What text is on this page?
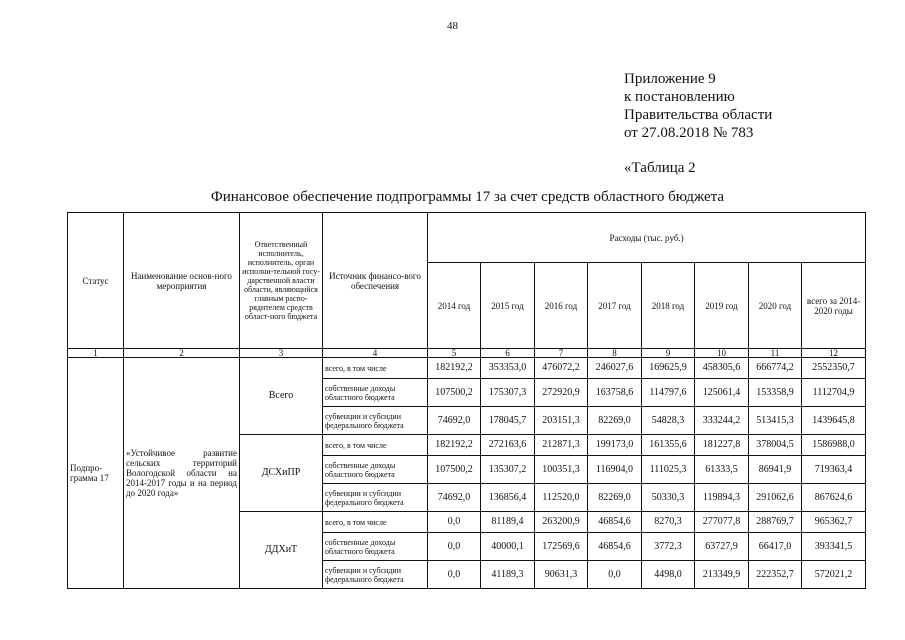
48
Приложение 9
к постановлению
Правительства области
от 27.08.2018 № 783
«Таблица 2
Финансовое обеспечение подпрограммы 17 за счет средств областного бюджета
Статус	Наименование основ-ного мероприятия	Ответственный исполнитель, исполнитель, орган исполни-тельной госу-дарственной власти области, являющийся главным распо-рядителем средств област-ного бюджета	Источник финансо-вого обеспечения	Расходы (тыс. руб.)							
				2014 год	2015 год	2016 год	2017 год	2018 год	2019 год	2020 год	всего за 2014-2020 годы
1	2	3	4	5	6	7	8	9	10	11	12
Подпро-грамма 17	«Устойчивое развитие сельских территорий Вологодской области на 2014-2017 годы и на период до 2020 года»	Всего	всего, в том числе	182192,2	353353,0	476072,2	246027,6	169625,9	458305,6	666774,2	2552350,7
			собственные доходы областного бюджета	107500,2	175307,3	272920,9	163758,6	114797,6	125061,4	153358,9	1112704,9
			субвенции и субсидии федерального бюджета	74692,0	178045,7	203151,3	82269,0	54828,3	333244,2	513415,3	1439645,8
		ДСХиПР	всего, в том числе	182192,2	272163,6	212871,3	199173,0	161355,6	181227,8	378004,5	1586988,0
			собственные доходы областного бюджета	107500,2	135307,2	100351,3	116904,0	111025,3	61333,5	86941,9	719363,4
			субвенции и субсидии федерального бюджета	74692,0	136856,4	112520,0	82269,0	50330,3	119894,3	291062,6	867624,6
		ДДХиТ	всего, в том числе	0,0	81189,4	263200,9	46854,6	8270,3	277077,8	288769,7	965362,7
			собственные доходы областного бюджета	0,0	40000,1	172569,6	46854,6	3772,3	63727,9	66417,0	393341,5
			субвенции и субсидии федерального бюджета	0,0	41189,3	90631,3	0,0	4498,0	213349,9	222352,7	572021,2
